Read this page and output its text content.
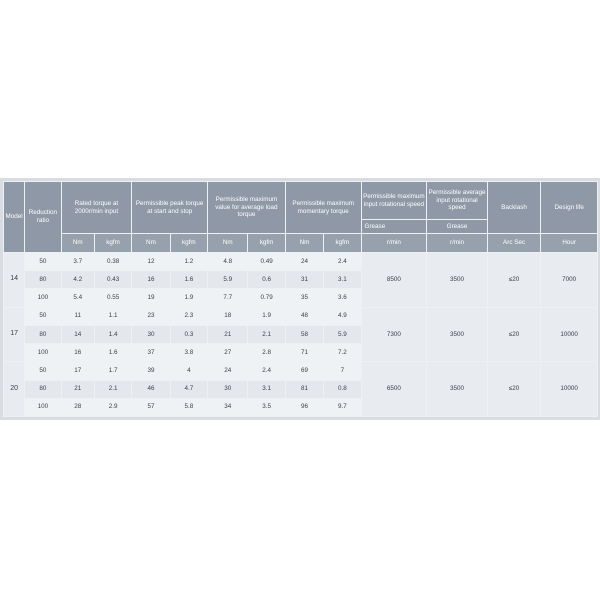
Model	Reduction ratio	Rated torque at 2000r/min input		Permissible peak torque at start and stop		Permissible maximum value for average load torque		Permissible maximum momentary torque		Permissible maximum input rotational speed	Permissible average input rotational speed	Backlash	Design life
										Grease	Grease		
		Nm	kgfm	Nm	kgfm	Nm	kgfm	Nm	kgfm	r/min	r/min	Arc Sec	Hour
14	50	3.7	0.38	12	1.2	4.8	0.49	24	2.4	8500	3500	≤20	7000
	80	4.2	0.43	16	1.6	5.9	0.6	31	3.1				
	100	5.4	0.55	19	1.9	7.7	0.79	35	3.6				
17	50	11	1.1	23	2.3	18	1.9	48	4.9	7300	3500	≤20	10000
	80	14	1.4	30	0.3	21	2.1	58	5.9				
	100	16	1.6	37	3.8	27	2.8	71	7.2				
20	50	17	1.7	39	4	24	2.4	69	7	6500	3500	≤20	10000
	80	21	2.1	46	4.7	30	3.1	81	0.8				
	100	28	2.9	57	5.8	34	3.5	96	9.7				
